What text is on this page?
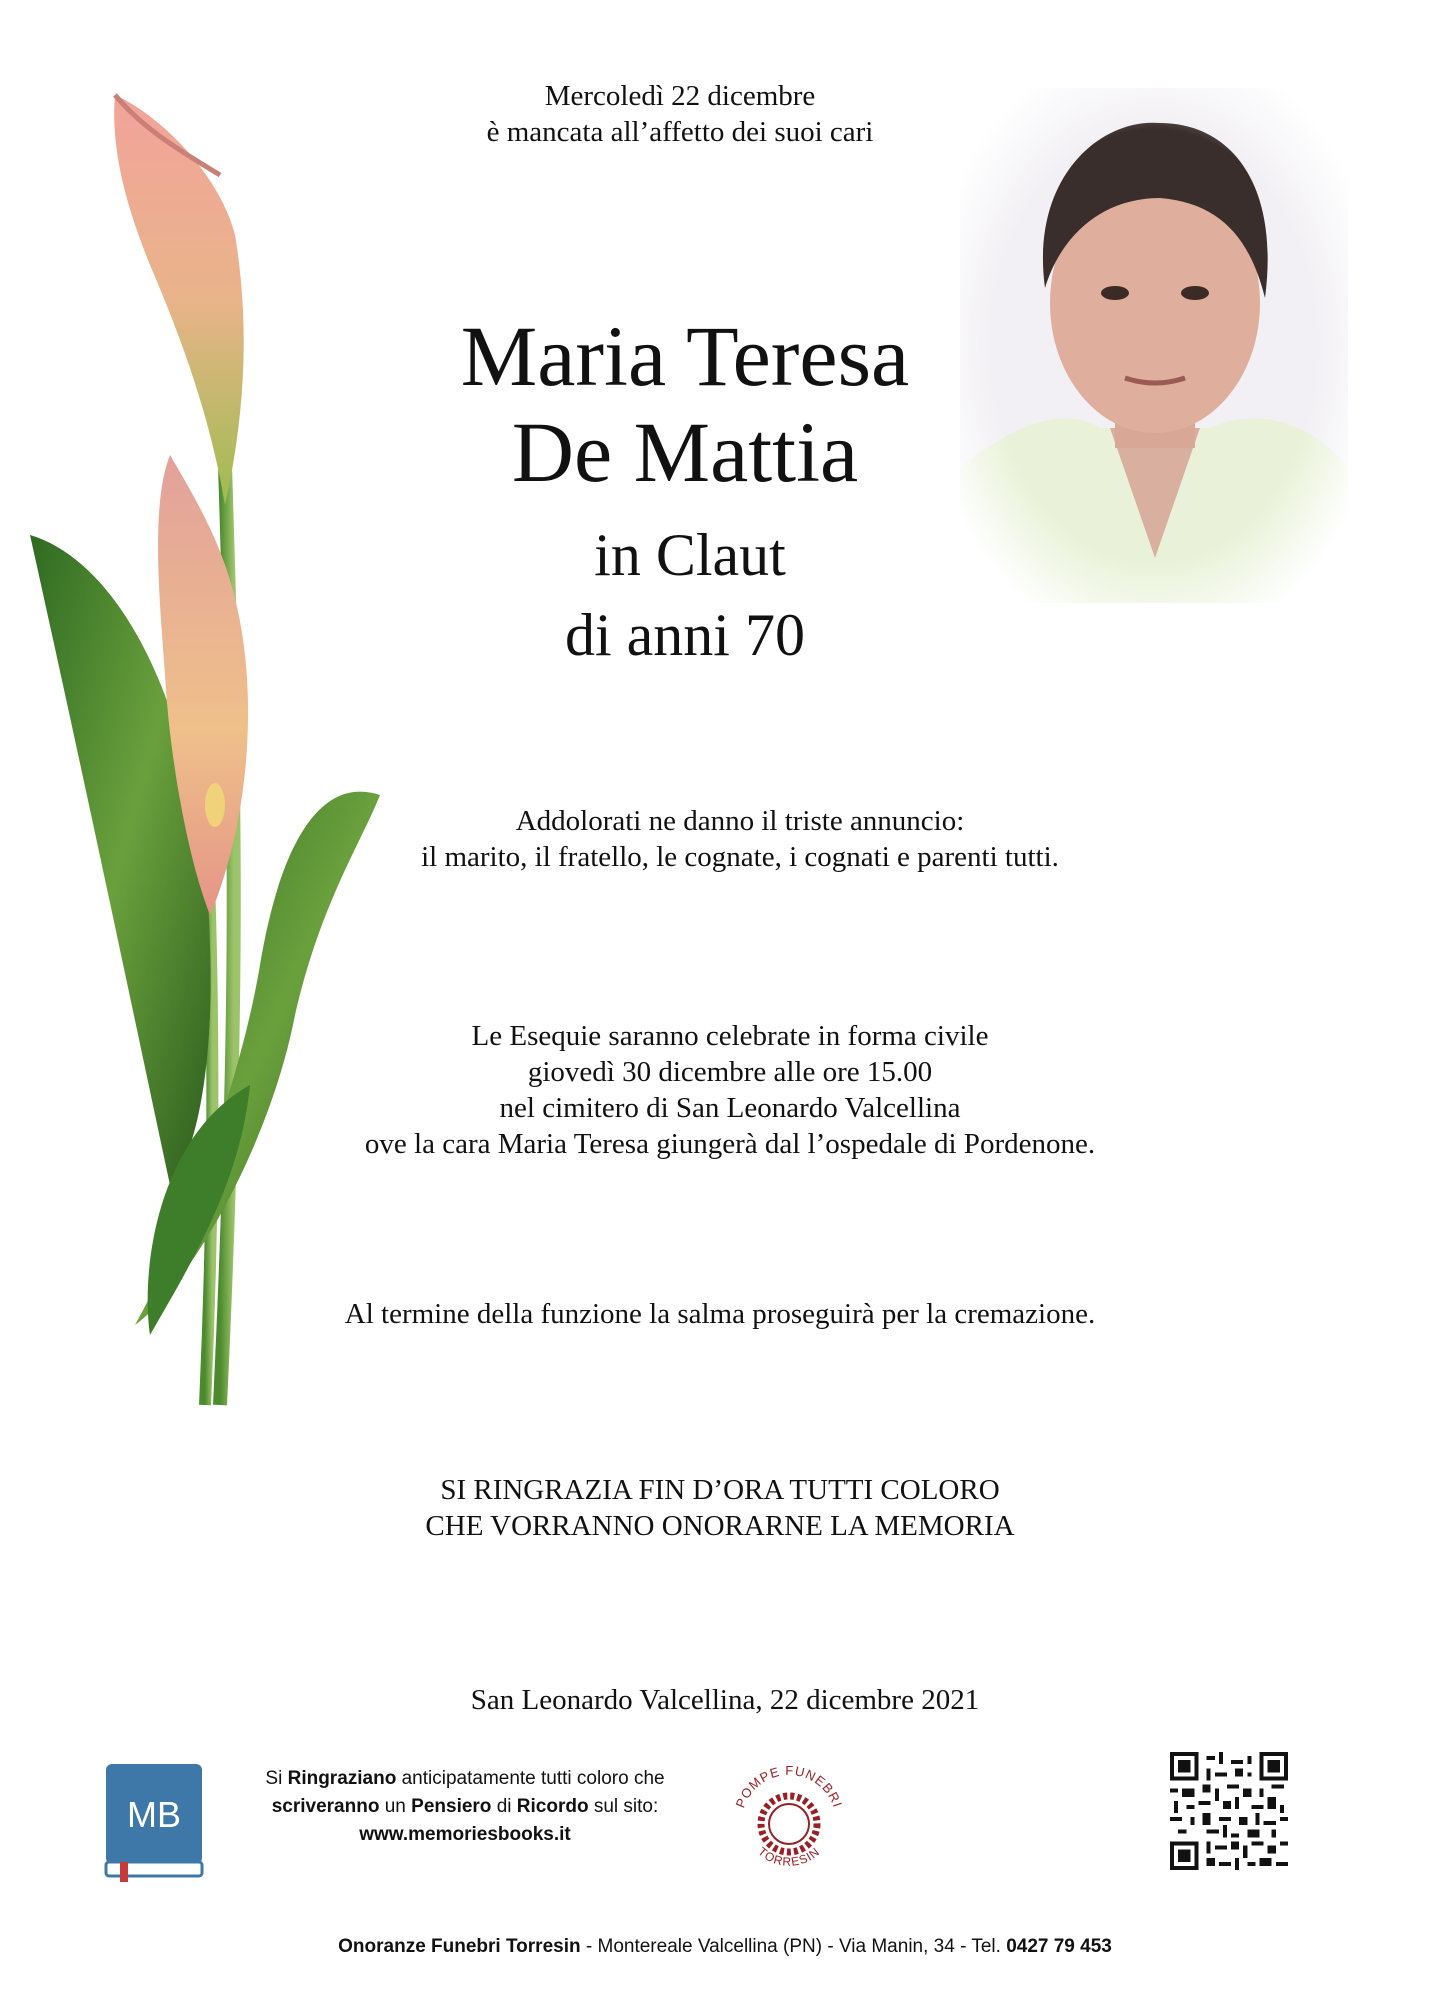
Mercoledì 22 dicembre
è mancata all’affetto dei suoi cari
Maria Teresa
De Mattia
in Claut
di anni 70
Addolorati ne danno il triste annuncio:
il marito, il fratello, le cognate, i cognati e parenti tutti.
Le Esequie saranno celebrate in forma civile
giovedì 30 dicembre alle ore 15.00
nel cimitero di San Leonardo Valcellina
ove la cara Maria Teresa giungerà dal l’ospedale di Pordenone.
Al termine della funzione la salma proseguirà per la cremazione.
SI RINGRAZIA FIN D’ORA TUTTI COLORO
CHE VORRANNO ONORARNE LA MEMORIA
San Leonardo Valcellina, 22 dicembre 2021
MB
Si Ringraziano anticipatamente tutti coloro che
scriveranno un Pensiero di Ricordo sul sito:
www.memoriesbooks.it
POMPE FUNEBRI
TORRESIN
Onoranze Funebri Torresin - Montereale Valcellina (PN) - Via Manin, 34 - Tel. 0427 79 453
